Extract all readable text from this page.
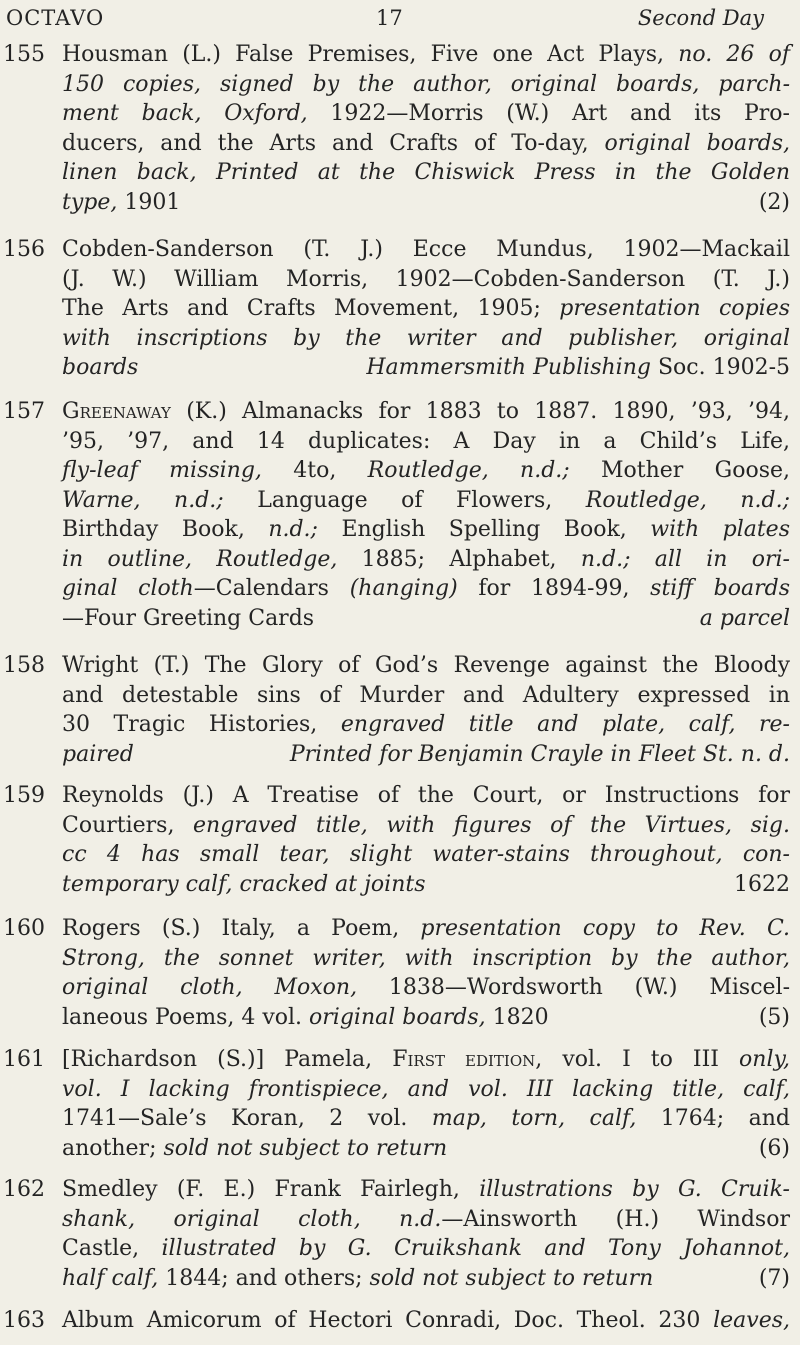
OCTAVO	17	Second Day
155 Housman (L.) False Premises, Five one Act Plays, no. 26 of
150 copies, signed by the author, original boards, parch-
ment back, Oxford, 1922—Morris (W.) Art and its Pro-
ducers, and the Arts and Crafts of To-day, original boards,
linen back, Printed at the Chiswick Press in the Golden
type, 1901	(2)
156 Cobden-Sanderson (T. J.) Ecce Mundus, 1902—Mackail
(J. W.) William Morris, 1902—Cobden-Sanderson (T. J.)
The Arts and Crafts Movement, 1905; presentation copies
with inscriptions by the writer and publisher, original
boards	Hammersmith Publishing Soc. 1902-5
157 Greenaway (K.) Almanacks for 1883 to 1887. 1890, ’93, ’94,
’95, ’97, and 14 duplicates: A Day in a Child’s Life,
fly-leaf missing, 4to, Routledge, n.d.; Mother Goose,
Warne, n.d.; Language of Flowers, Routledge, n.d.;
Birthday Book, n.d.; English Spelling Book, with plates
in outline, Routledge, 1885; Alphabet, n.d.; all in ori-
ginal cloth—Calendars (hanging) for 1894-99, stiff boards
—Four Greeting Cards	a parcel
158 Wright (T.) The Glory of God’s Revenge against the Bloody
and detestable sins of Murder and Adultery expressed in
30 Tragic Histories, engraved title and plate, calf, re-
paired	Printed for Benjamin Crayle in Fleet St. n. d.
159 Reynolds (J.) A Treatise of the Court, or Instructions for
Courtiers, engraved title, with figures of the Virtues, sig.
cc 4 has small tear, slight water-stains throughout, con-
temporary calf, cracked at joints	1622
160 Rogers (S.) Italy, a Poem, presentation copy to Rev. C.
Strong, the sonnet writer, with inscription by the author,
original cloth, Moxon, 1838—Wordsworth (W.) Miscel-
laneous Poems, 4 vol. original boards, 1820	(5)
161 [Richardson (S.)] Pamela, First edition, vol. I to III only,
vol. I lacking frontispiece, and vol. III lacking title, calf,
1741—Sale’s Koran, 2 vol. map, torn, calf, 1764; and
another; sold not subject to return	(6)
162 Smedley (F. E.) Frank Fairlegh, illustrations by G. Cruik-
shank, original cloth, n.d.—Ainsworth (H.) Windsor
Castle, illustrated by G. Cruikshank and Tony Johannot,
half calf, 1844; and others; sold not subject to return	(7)
163 Album Amicorum of Hectori Conradi, Doc. Theol. 230 leaves,
